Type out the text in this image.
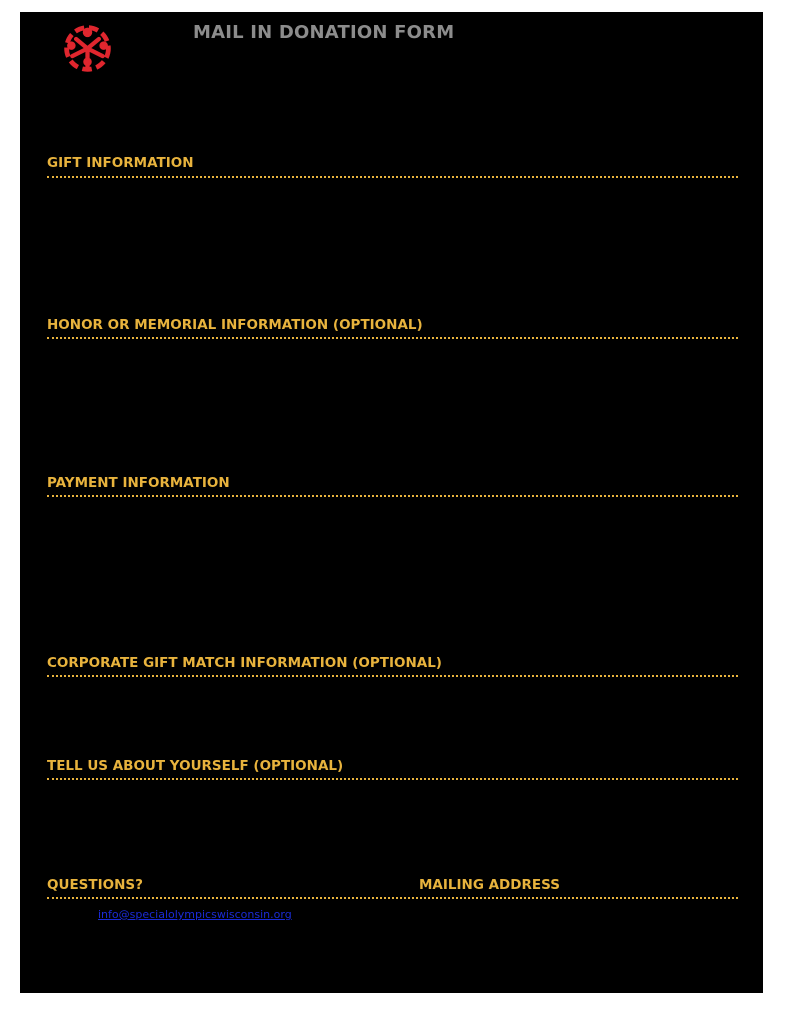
MAIL IN DONATION FORM
GIFT INFORMATION
HONOR OR MEMORIAL INFORMATION (OPTIONAL)
PAYMENT INFORMATION
CORPORATE GIFT MATCH INFORMATION (OPTIONAL)
TELL US ABOUT YOURSELF (OPTIONAL)
QUESTIONS?	MAILING ADDRESS
info@specialolympicswisconsin.org
